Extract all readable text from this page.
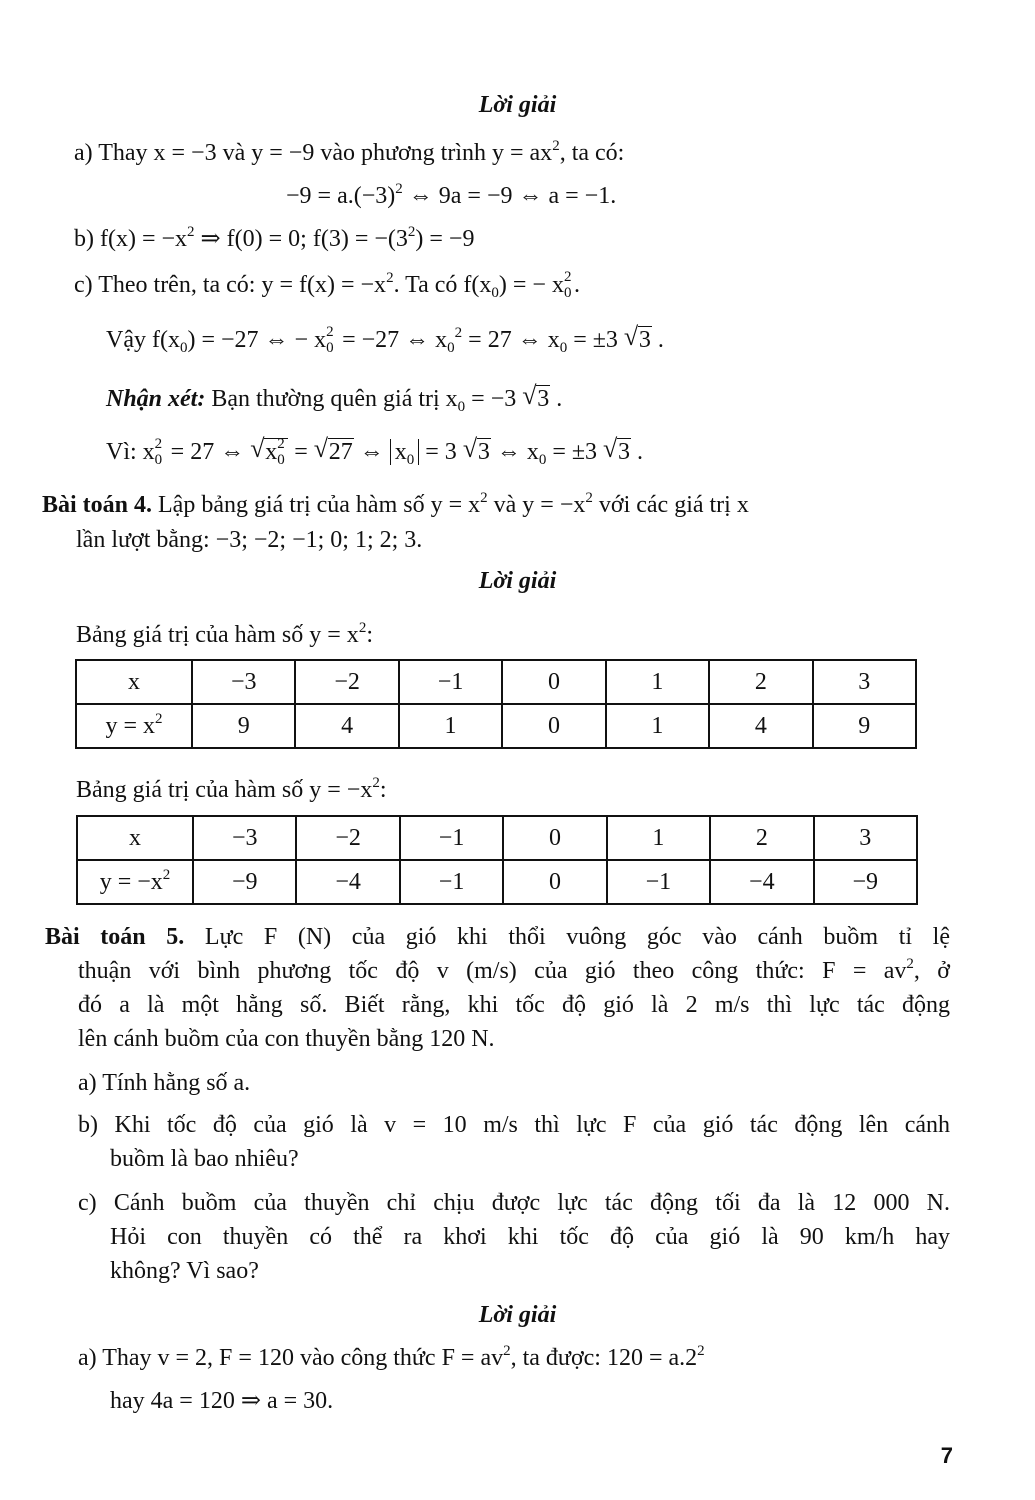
Lời giải
a) Thay x = −3 và y = −9 vào phương trình $y = ax^2$, ta có:
$-9 = a.(-3)^2$ ⇔ 9a = −9 ⇔ a = −1.
b) $f(x) = -x^2$ ⇒ f(0) = 0; $f(3) = -(3^2) = -9$
c) Theo trên, ta có: $y = f(x) = -x^2$. Ta có $f(x_0)$ = − x 2
0 .
Vậy $f(x_0) = -27$ ⇔ − x 2
0 = −27 ⇔ $x_0^2 = 27$ ⇔ $x_0 = \pm 3$ √ 3 .
Nhận xét: Bạn thường quên giá trị $x_0 = -3$ √ 3 .
Vì: x 2
0 = 27 ⇔ √ x 2
0 = √ 27 ⇔ $x_0 = 3$ √ 3 ⇔ $x_0 = \pm 3$ √ 3 .
Bài toán 4. Lập bảng giá trị của hàm số $y = x^2$ và $y = -x^2$ với các giá trị x
lần lượt bằng: −3; −2; −1; 0; 1; 2; 3.
Lời giải
Bảng giá trị của hàm số $y = x^2$:
x	−3	−2	−1	0	1	2	3
$y = x^2$	9	4	1	0	1	4	9
Bảng giá trị của hàm số $y = -x^2$:
x	−3	−2	−1	0	1	2	3
$y = -x^2$	−9	−4	−1	0	−1	−4	−9
Bài toán 5. Lực F (N) của gió khi thổi vuông góc vào cánh buồm tỉ lệ
thuận với bình phương tốc độ v (m/s) của gió theo công thức: $F = av^2$, ở
đó a là một hằng số. Biết rằng, khi tốc độ gió là 2 m/s thì lực tác động
lên cánh buồm của con thuyền bằng 120 N.
a) Tính hằng số a.
b) Khi tốc độ của gió là v = 10 m/s thì lực F của gió tác động lên cánh
buồm là bao nhiêu?
c) Cánh buồm của thuyền chỉ chịu được lực tác động tối đa là 12 000 N.
Hỏi con thuyền có thể ra khơi khi tốc độ của gió là 90 km/h hay
không? Vì sao?
Lời giải
a) Thay v = 2, F = 120 vào công thức $F = av^2$, ta được: $120 = a.2^2$
hay 4a = 120 ⇒ a = 30.
7
